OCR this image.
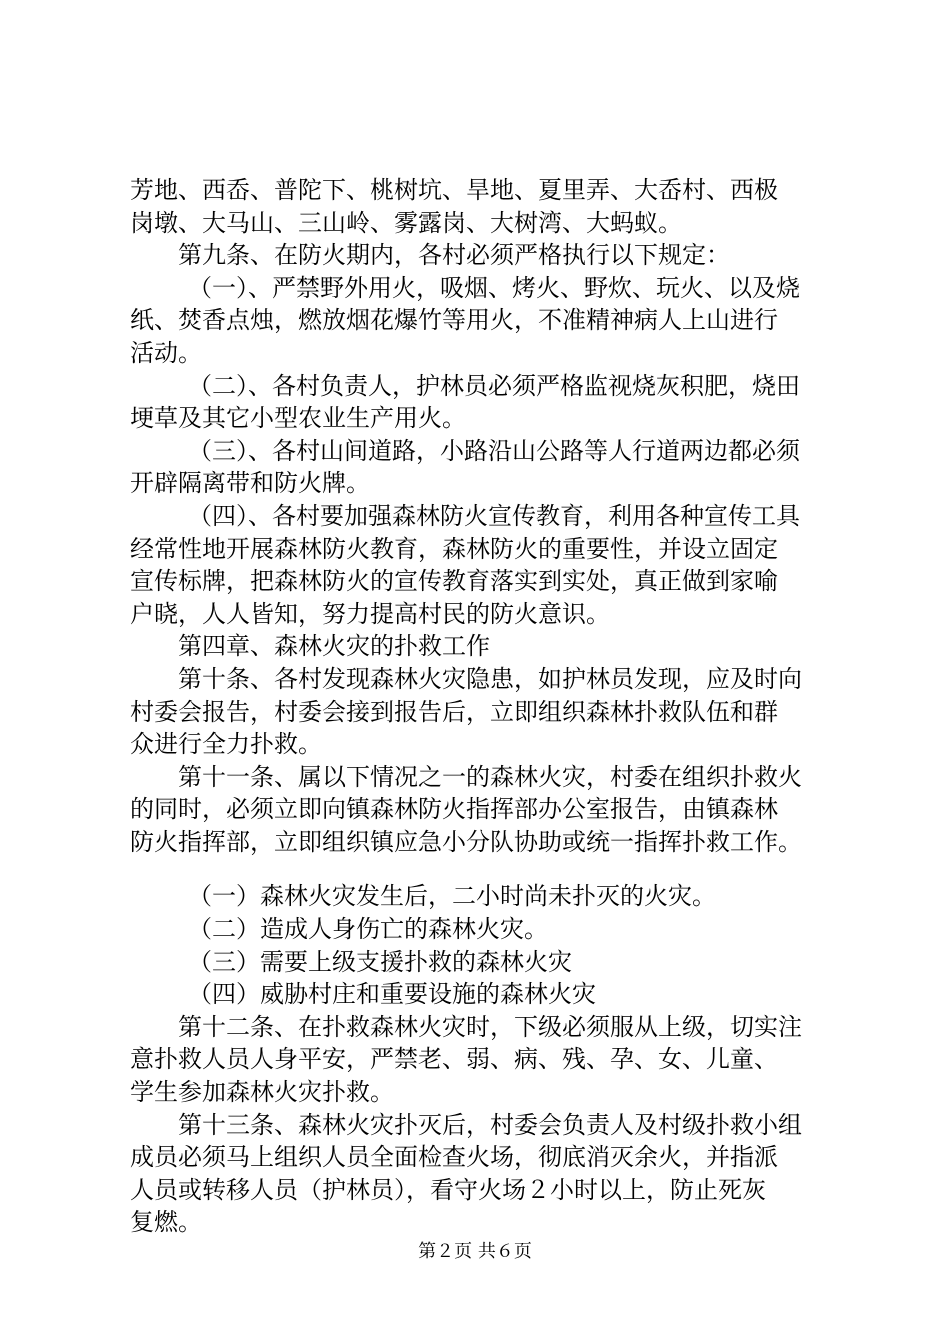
芳地、西岙、普陀下、桃树坑、旱地、夏里弄、大岙村、西极
岗墩、大马山、三山岭、雾露岗、大树湾、大蚂蚁。
第九条、在防火期内，各村必须严格执行以下规定：
（一）、严禁野外用火，吸烟、烤火、野炊、玩火、以及烧
纸、焚香点烛，燃放烟花爆竹等用火，不准精神病人上山进行
活动。
（二）、各村负责人，护林员必须严格监视烧灰积肥，烧田
埂草及其它小型农业生产用火。
（三）、各村山间道路，小路沿山公路等人行道两边都必须
开辟隔离带和防火牌。
（四）、各村要加强森林防火宣传教育，利用各种宣传工具
经常性地开展森林防火教育，森林防火的重要性，并设立固定
宣传标牌，把森林防火的宣传教育落实到实处，真正做到家喻
户晓，人人皆知，努力提高村民的防火意识。
第四章、森林火灾的扑救工作
第十条、各村发现森林火灾隐患，如护林员发现，应及时向
村委会报告，村委会接到报告后，立即组织森林扑救队伍和群
众进行全力扑救。
第十一条、属以下情况之一的森林火灾，村委在组织扑救火
的同时，必须立即向镇森林防火指挥部办公室报告，由镇森林
防火指挥部，立即组织镇应急小分队协助或统一指挥扑救工作。
（一）森林火灾发生后，二小时尚未扑灭的火灾。
（二）造成人身伤亡的森林火灾。
（三）需要上级支援扑救的森林火灾
（四）威胁村庄和重要设施的森林火灾
第十二条、在扑救森林火灾时，下级必须服从上级，切实注
意扑救人员人身平安，严禁老、弱、病、残、孕、女、儿童、
学生参加森林火灾扑救。
第十三条、森林火灾扑灭后，村委会负责人及村级扑救小组
成员必须马上组织人员全面检查火场，彻底消灭余火，并指派
人员或转移人员（护林员），看守火场２小时以上，防止死灰
复燃。
第２页 共６页
